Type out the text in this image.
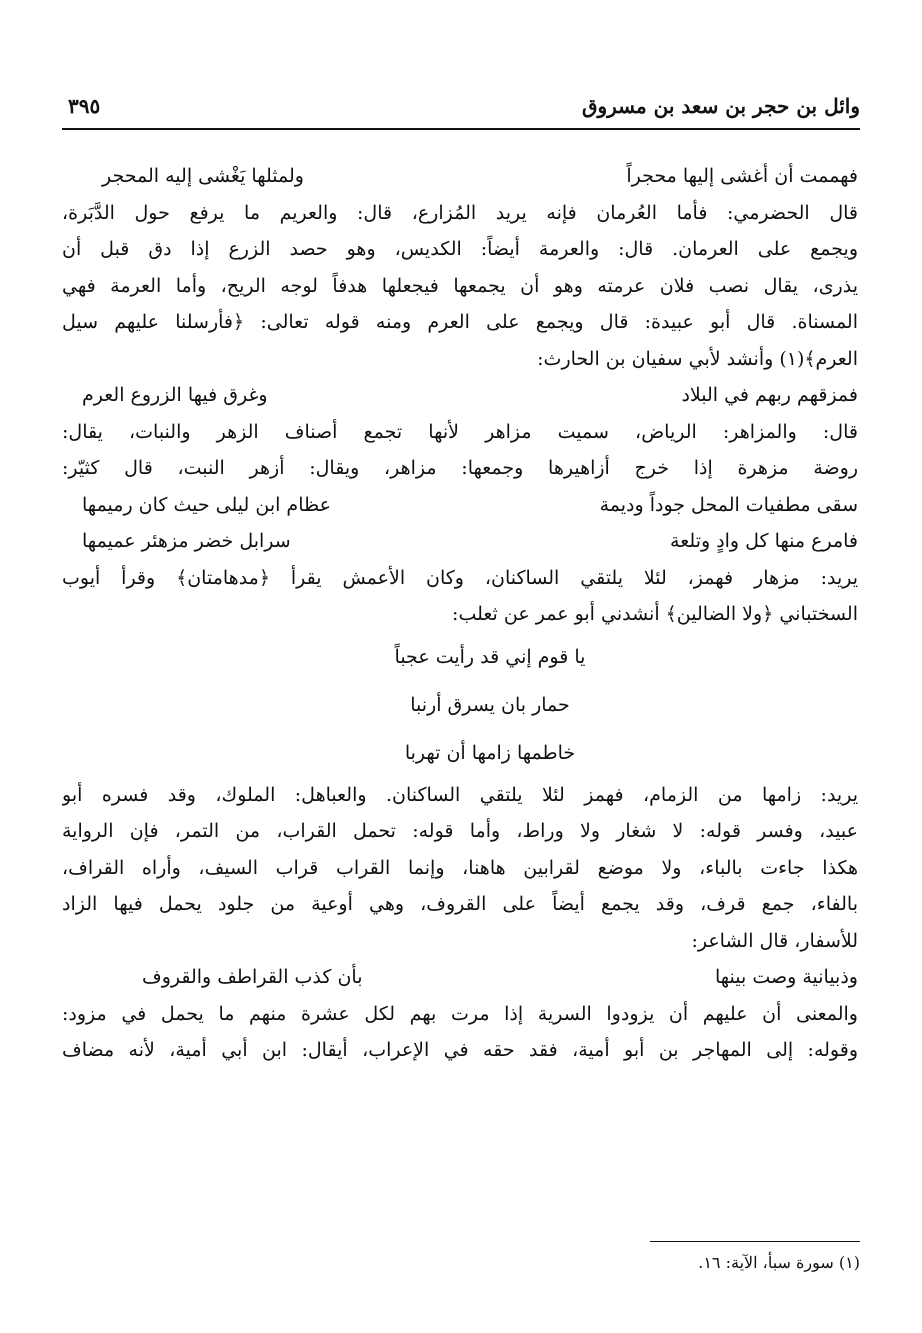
وائل بن حجر بن سعد بن مسروق
٣٩٥
فهممت أن أغشى إليها محجراً
ولمثلها يَغْشى إليه المحجر
قال الحضرمي: فأما العُرمان فإنه يريد المُزارع، قال: والعريم ما يرفع حول الدَّبَرة،
ويجمع على العرمان. قال: والعرمة أيضاً: الكديس، وهو حصد الزرع إذا دق قبل أن
يذرى، يقال نصب فلان عرمته وهو أن يجمعها فيجعلها هدفاً لوجه الريح، وأما العرمة فهي
المسناة. قال أبو عبيدة: قال ويجمع على العرم ومنه قوله تعالى: ﴿فأرسلنا عليهم سيل
العرم﴾(١) وأنشد لأبي سفيان بن الحارث:
فمزقهم ربهم في البلاد
وغرق فيها الزروع العرم
قال: والمزاهر: الرياض، سميت مزاهر لأنها تجمع أصناف الزهر والنبات، يقال:
روضة مزهرة إذا خرج أزاهيرها وجمعها: مزاهر، ويقال: أزهر النبت، قال كثيّر:
سقى مطفيات المحل جوداً وديمة
عظام ابن ليلى حيث كان رميمها
فامرع منها كل وادٍ وتلعة
سرابل خضر مزهئر عميمها
يريد: مزهار فهمز، لئلا يلتقي الساكنان، وكان الأعمش يقرأ ﴿مدهامتان﴾ وقرأ أيوب
السختباني ﴿ولا الضالين﴾ أنشدني أبو عمر عن ثعلب:
يا قوم إني قد رأيت عجباً
حمار بان يسرق أرنبا
خاطمها زامها أن تهربا
يريد: زامها من الزمام، فهمز لئلا يلتقي الساكنان. والعباهل: الملوك، وقد فسره أبو
عبيد، وفسر قوله: لا شغار ولا وراط، وأما قوله: تحمل القراب، من التمر، فإن الرواية
هكذا جاءت بالباء، ولا موضع لقرابين هاهنا، وإنما القراب قراب السيف، وأراه القراف،
بالفاء، جمع قرف، وقد يجمع أيضاً على القروف، وهي أوعية من جلود يحمل فيها الزاد
للأسفار، قال الشاعر:
وذبيانية وصت بينها
بأن كذب القراطف والقروف
والمعنى أن عليهم أن يزودوا السرية إذا مرت بهم لكل عشرة منهم ما يحمل في مزود:
وقوله: إلى المهاجر بن أبو أمية، فقد حقه في الإعراب، أيقال: ابن أبي أمية، لأنه مضاف
(١) سورة سبأ، الآية: ١٦.
